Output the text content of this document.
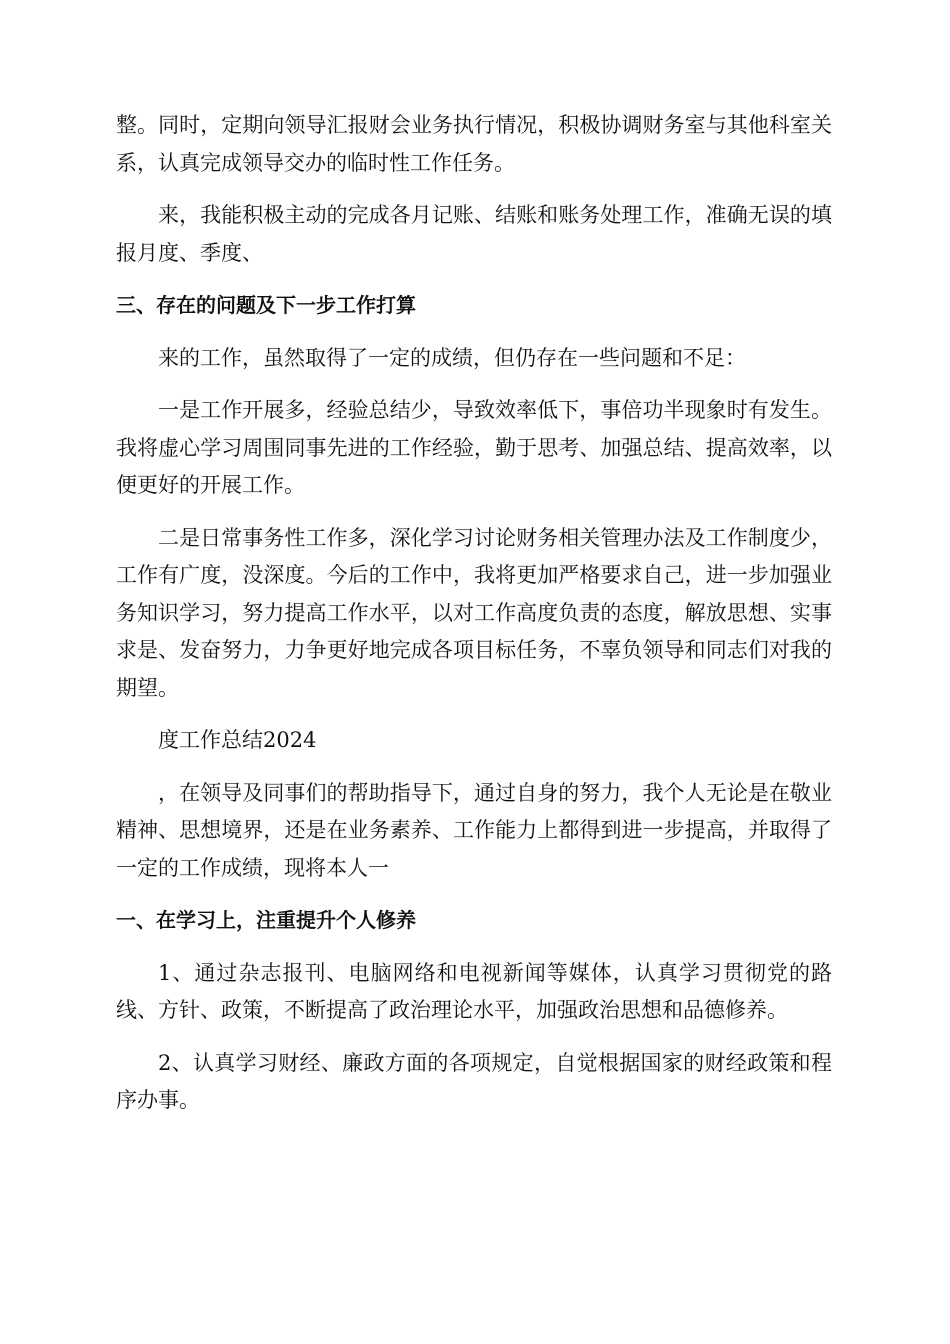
整。同时，定期向领导汇报财会业务执行情况，积极协调财务室与其他科室关系，认真完成领导交办的临时性工作任务。

来，我能积极主动的完成各月记账、结账和账务处理工作，准确无误的填报月度、季度、

三、存在的问题及下一步工作打算

来的工作，虽然取得了一定的成绩，但仍存在一些问题和不足：

一是工作开展多，经验总结少，导致效率低下，事倍功半现象时有发生。我将虚心学习周围同事先进的工作经验，勤于思考、加强总结、提高效率，以便更好的开展工作。

二是日常事务性工作多，深化学习讨论财务相关管理办法及工作制度少，工作有广度，没深度。今后的工作中，我将更加严格要求自己，进一步加强业务知识学习，努力提高工作水平，以对工作高度负责的态度，解放思想、实事求是、发奋努力，力争更好地完成各项目标任务，不辜负领导和同志们对我的期望。

度工作总结2024

，在领导及同事们的帮助指导下，通过自身的努力，我个人无论是在敬业精神、思想境界，还是在业务素养、工作能力上都得到进一步提高，并取得了一定的工作成绩，现将本人一

一、在学习上，注重提升个人修养

1、通过杂志报刊、电脑网络和电视新闻等媒体，认真学习贯彻党的路线、方针、政策，不断提高了政治理论水平，加强政治思想和品德修养。

2、认真学习财经、廉政方面的各项规定，自觉根据国家的财经政策和程序办事。
